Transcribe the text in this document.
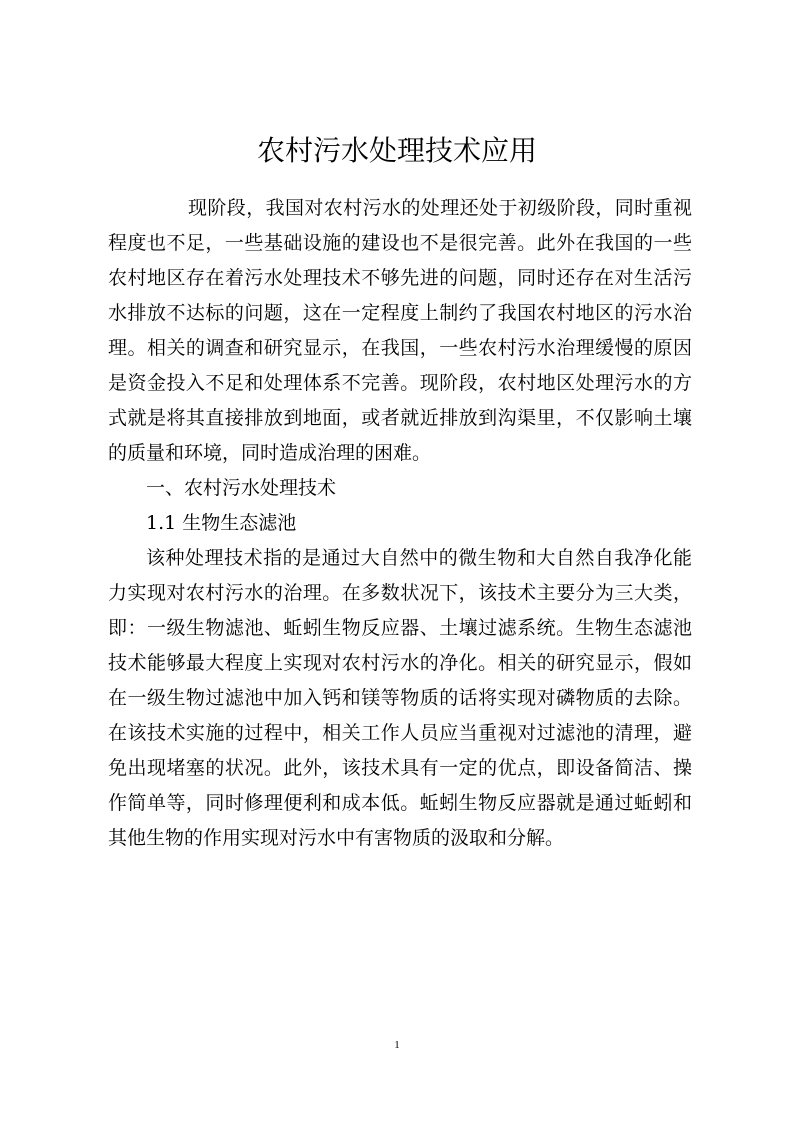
农村污水处理技术应用

现阶段，我国对农村污水的处理还处于初级阶段，同时重视程度也不足，一些基础设施的建设也不是很完善。此外在我国的一些农村地区存在着污水处理技术不够先进的问题，同时还存在对生活污水排放不达标的问题，这在一定程度上制约了我国农村地区的污水治理。相关的调查和研究显示，在我国，一些农村污水治理缓慢的原因是资金投入不足和处理体系不完善。现阶段，农村地区处理污水的方式就是将其直接排放到地面，或者就近排放到沟渠里，不仅影响土壤的质量和环境，同时造成治理的困难。

一、农村污水处理技术

1.1 生物生态滤池

该种处理技术指的是通过大自然中的微生物和大自然自我净化能力实现对农村污水的治理。在多数状况下，该技术主要分为三大类，即：一级生物滤池、蚯蚓生物反应器、土壤过滤系统。生物生态滤池技术能够最大程度上实现对农村污水的净化。相关的研究显示，假如在一级生物过滤池中加入钙和镁等物质的话将实现对磷物质的去除。在该技术实施的过程中，相关工作人员应当重视对过滤池的清理，避免出现堵塞的状况。此外，该技术具有一定的优点，即设备简洁、操作简单等，同时修理便利和成本低。蚯蚓生物反应器就是通过蚯蚓和其他生物的作用实现对污水中有害物质的汲取和分解。

1
